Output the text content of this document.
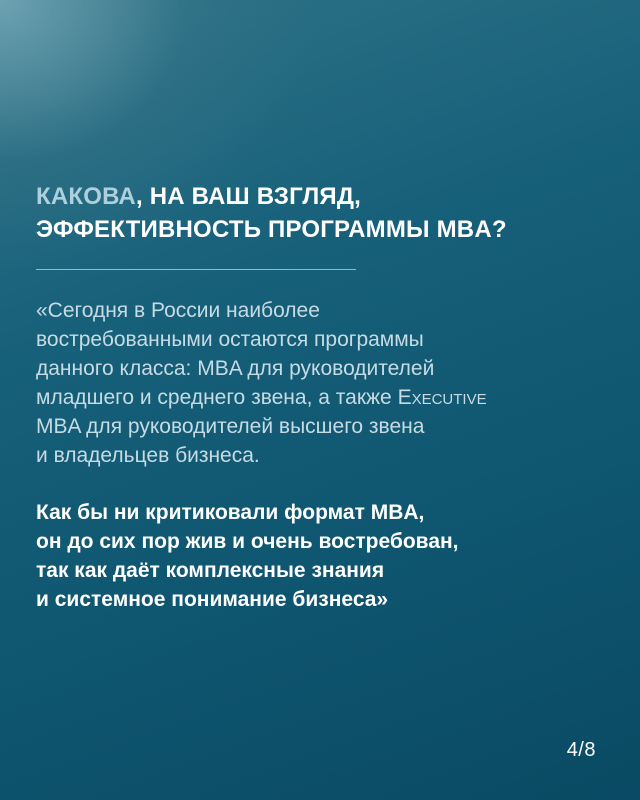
КАКОВА, НА ВАШ ВЗГЛЯД,
ЭФФЕКТИВНОСТЬ ПРОГРАММЫ MBA?

«Сегодня в России наиболее
востребованными остаются программы
данного класса: MBA для руководителей
младшего и среднего звена, а также Executive
MBA для руководителей высшего звена
и владельцев бизнеса.

Как бы ни критиковали формат MBA,
он до сих пор жив и очень востребован,
так как даёт комплексные знания
и системное понимание бизнеса»

4/8
